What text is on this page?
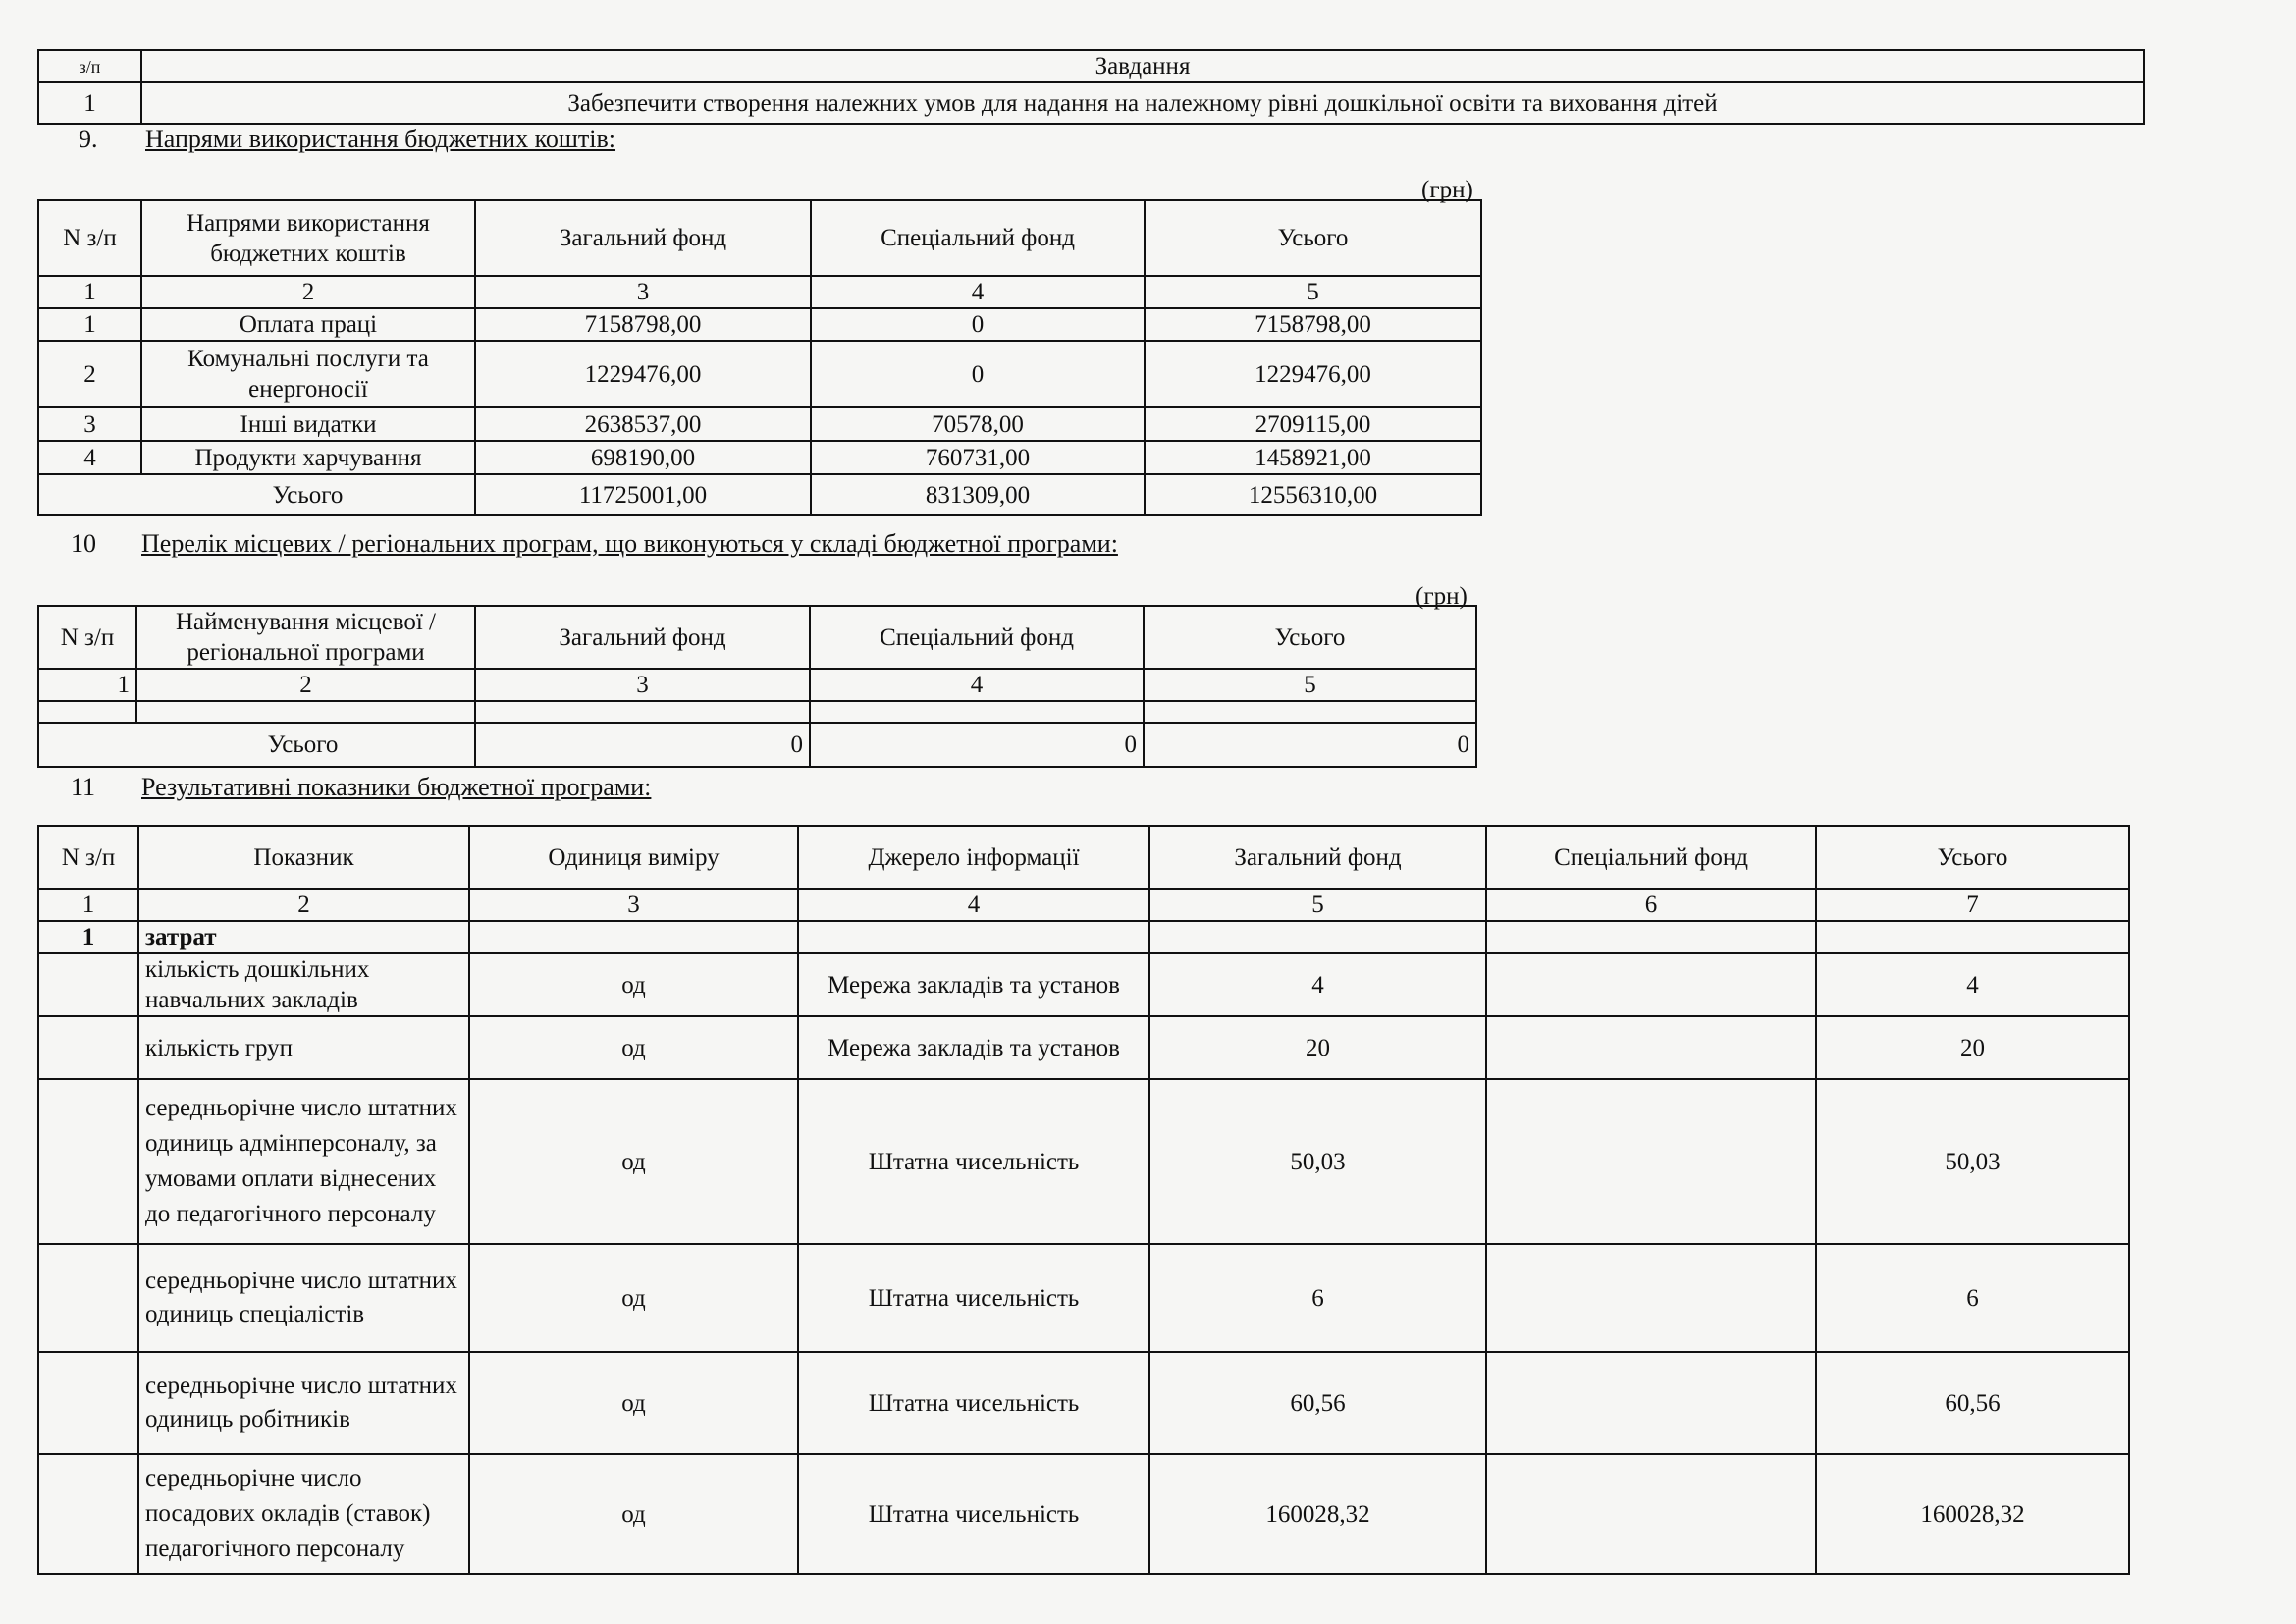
з/п	Завдання
1	Забезпечити створення належних умов для надання на належному рівні дошкільної освіти та виховання дітей
9. Напрями використання бюджетних коштів:
(грн)
N з/п	Напрями використання бюджетних коштів	Загальний фонд	Спеціальний фонд	Усього
1	2	3	4	5
1	Оплата праці	7158798,00	0	7158798,00
2	Комунальні послуги та енергоносії	1229476,00	0	1229476,00
3	Інші видатки	2638537,00	70578,00	2709115,00
4	Продукти харчування	698190,00	760731,00	1458921,00
Усього		11725001,00	831309,00	12556310,00
10 Перелік місцевих / регіональних програм, що виконуються у складі бюджетної програми:
(грн)
N з/п	Найменування місцевої / регіональної програми	Загальний фонд	Спеціальний фонд	Усього
1	2	3	4	5

Усього		0	0	0
11 Результативні показники бюджетної програми:
N з/п	Показник	Одиниця виміру	Джерело інформації	Загальний фонд	Спеціальний фонд	Усього
1	2	3	4	5	6	7
1	затрат					
	кількість дошкільних навчальних закладів	од	Мережа закладів та установ	4		4
	кількість груп	од	Мережа закладів та установ	20		20
	середньорічне число штатних одиниць адмінперсоналу, за умовами оплати віднесених до педагогічного персоналу	од	Штатна чисельність	50,03		50,03
	середньорічне число штатних одиниць спеціалістів	од	Штатна чисельність	6		6
	середньорічне число штатних одиниць робітників	од	Штатна чисельність	60,56		60,56
	середньорічне число посадових окладів (ставок) педагогічного персоналу	од	Штатна чисельність	160028,32		160028,32
